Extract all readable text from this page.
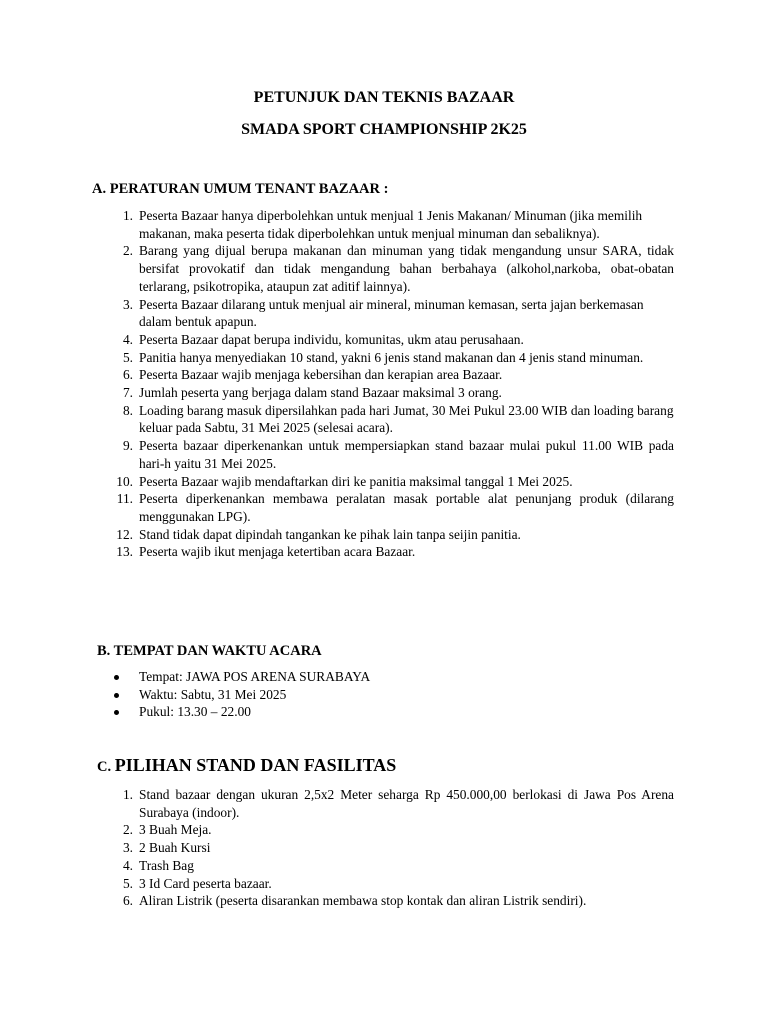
PETUNJUK DAN TEKNIS BAZAAR
SMADA SPORT CHAMPIONSHIP 2K25
A. PERATURAN UMUM TENANT BAZAAR :
1. Peserta Bazaar hanya diperbolehkan untuk menjual 1 Jenis Makanan/ Minuman (jika memilih makanan, maka peserta tidak diperbolehkan untuk menjual minuman dan sebaliknya).
2. Barang yang dijual berupa makanan dan minuman yang tidak mengandung unsur SARA, tidak bersifat provokatif dan tidak mengandung bahan berbahaya (alkohol,narkoba, obat-obatan terlarang, psikotropika, ataupun zat aditif lainnya).
3. Peserta Bazaar dilarang untuk menjual air mineral, minuman kemasan, serta jajan berkemasan dalam bentuk apapun.
4. Peserta Bazaar dapat berupa individu, komunitas, ukm atau perusahaan.
5. Panitia hanya menyediakan 10 stand, yakni 6 jenis stand makanan dan 4 jenis stand minuman.
6. Peserta Bazaar wajib menjaga kebersihan dan kerapian area Bazaar.
7. Jumlah peserta yang berjaga dalam stand Bazaar maksimal 3 orang.
8. Loading barang masuk dipersilahkan pada hari Jumat, 30 Mei Pukul 23.00 WIB dan loading barang keluar pada Sabtu, 31 Mei 2025 (selesai acara).
9. Peserta bazaar diperkenankan untuk mempersiapkan stand bazaar mulai pukul 11.00 WIB pada hari-h yaitu 31 Mei 2025.
10. Peserta Bazaar wajib mendaftarkan diri ke panitia maksimal tanggal 1 Mei 2025.
11. Peserta diperkenankan membawa peralatan masak portable alat penunjang produk (dilarang menggunakan LPG).
12. Stand tidak dapat dipindah tangankan ke pihak lain tanpa seijin panitia.
13. Peserta wajib ikut menjaga ketertiban acara Bazaar.
B. TEMPAT DAN WAKTU ACARA
Tempat: JAWA POS ARENA SURABAYA
Waktu: Sabtu, 31 Mei 2025
Pukul: 13.30 – 22.00
C. PILIHAN STAND DAN FASILITAS
1. Stand bazaar dengan ukuran 2,5x2 Meter seharga Rp 450.000,00 berlokasi di Jawa Pos Arena Surabaya (indoor).
2. 3 Buah Meja.
3. 2 Buah Kursi
4. Trash Bag
5. 3 Id Card peserta bazaar.
6. Aliran Listrik (peserta disarankan membawa stop kontak dan aliran Listrik sendiri).
